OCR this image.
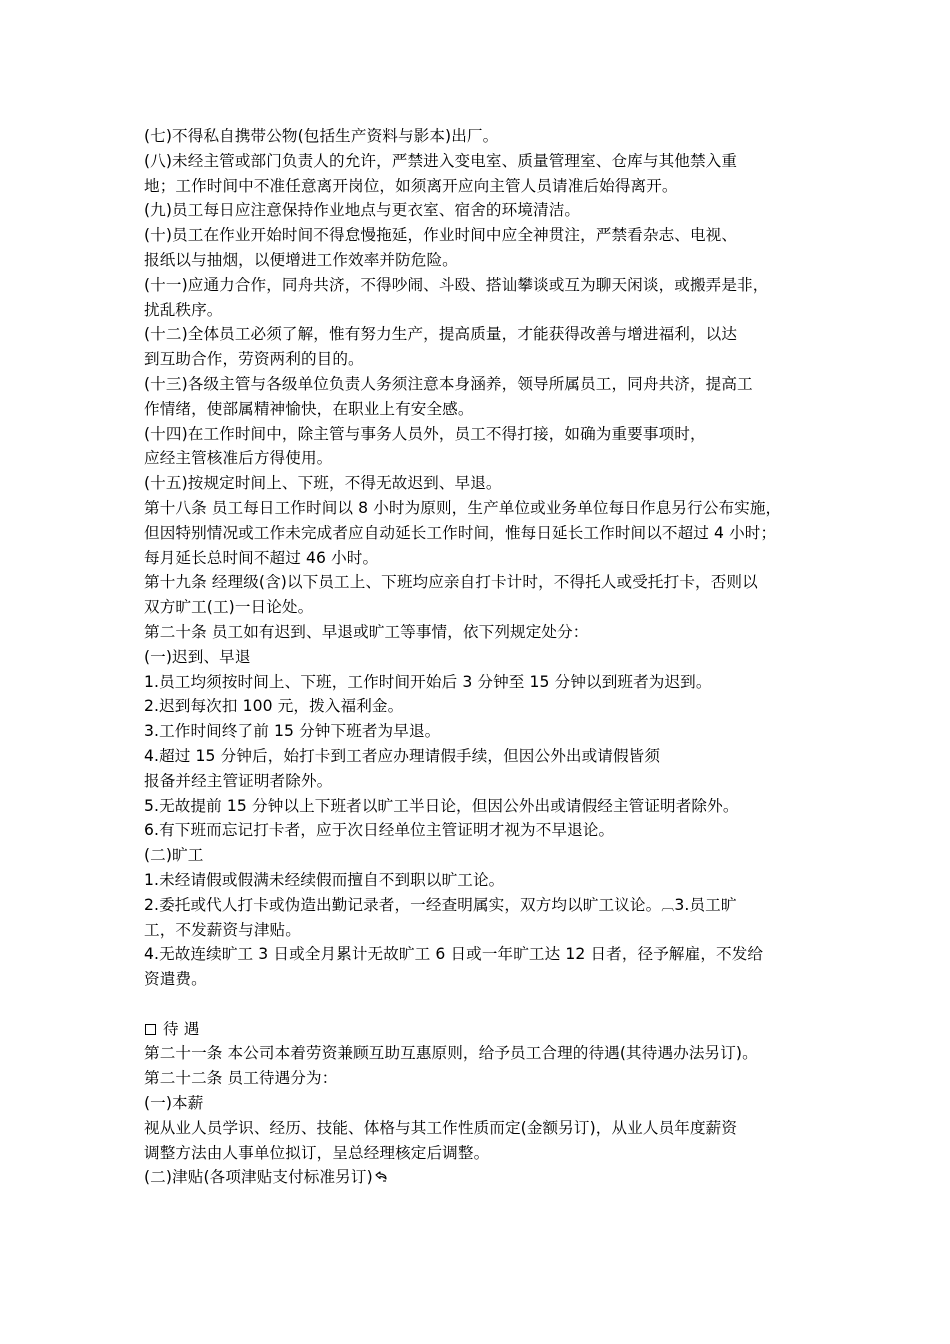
(七)不得私自携带公物(包括生产资料与影本)出厂。
(八)未经主管或部门负责人的允许，严禁进入变电室、质量管理室、仓库与其他禁入重
地；工作时间中不准任意离开岗位，如须离开应向主管人员请准后始得离开。
(九)员工每日应注意保持作业地点与更衣室、宿舍的环境清洁。
(十)员工在作业开始时间不得怠慢拖延，作业时间中应全神贯注，严禁看杂志、电视、
报纸以与抽烟，以便增进工作效率并防危险。
(十一)应通力合作，同舟共济，不得吵闹、斗殴、搭讪攀谈或互为聊天闲谈，或搬弄是非，
扰乱秩序。
(十二)全体员工必须了解，惟有努力生产，提高质量，才能获得改善与增进福利，以达
到互助合作，劳资两利的目的。
(十三)各级主管与各级单位负责人务须注意本身涵养，领导所属员工，同舟共济，提高工
作情绪，使部属精神愉快，在职业上有安全感。
(十四)在工作时间中，除主管与事务人员外，员工不得打接，如确为重要事项时，
应经主管核准后方得使用。
(十五)按规定时间上、下班，不得无故迟到、早退。
第十八条 员工每日工作时间以 8 小时为原则，生产单位或业务单位每日作息另行公布实施，
但因特别情况或工作未完成者应自动延长工作时间，惟每日延长工作时间以不超过 4 小时；
每月延长总时间不超过 46 小时。
第十九条 经理级(含)以下员工上、下班均应亲自打卡计时，不得托人或受托打卡，否则以
双方旷工(工)一日论处。
第二十条 员工如有迟到、早退或旷工等事情，依下列规定处分：
(一)迟到、早退
1.员工均须按时间上、下班，工作时间开始后 3 分钟至 15 分钟以到班者为迟到。
2.迟到每次扣 100 元，拨入福利金。
3.工作时间终了前 15 分钟下班者为早退。
4.超过 15 分钟后，始打卡到工者应办理请假手续，但因公外出或请假皆须
报备并经主管证明者除外。
5.无故提前 15 分钟以上下班者以旷工半日论，但因公外出或请假经主管证明者除外。
6.有下班而忘记打卡者，应于次日经单位主管证明才视为不早退论。
(二)旷工
1.未经请假或假满未经续假而擅自不到职以旷工论。
2.委托或代人打卡或伪造出勤记录者，一经查明属实，双方均以旷工议论。︹3.员工旷
工，不发薪资与津贴。
4.无故连续旷工 3 日或全月累计无故旷工 6 日或一年旷工达 12 日者，径予解雇，不发给
资遣费。
待 遇
第二十一条 本公司本着劳资兼顾互助互惠原则，给予员工合理的待遇(其待遇办法另订)。
第二十二条 员工待遇分为：
(一)本薪
视从业人员学识、经历、技能、体格与其工作性质而定(金额另订)，从业人员年度薪资
调整方法由人事单位拟订，呈总经理核定后调整。
(二)津贴(各项津贴支付标准另订)
